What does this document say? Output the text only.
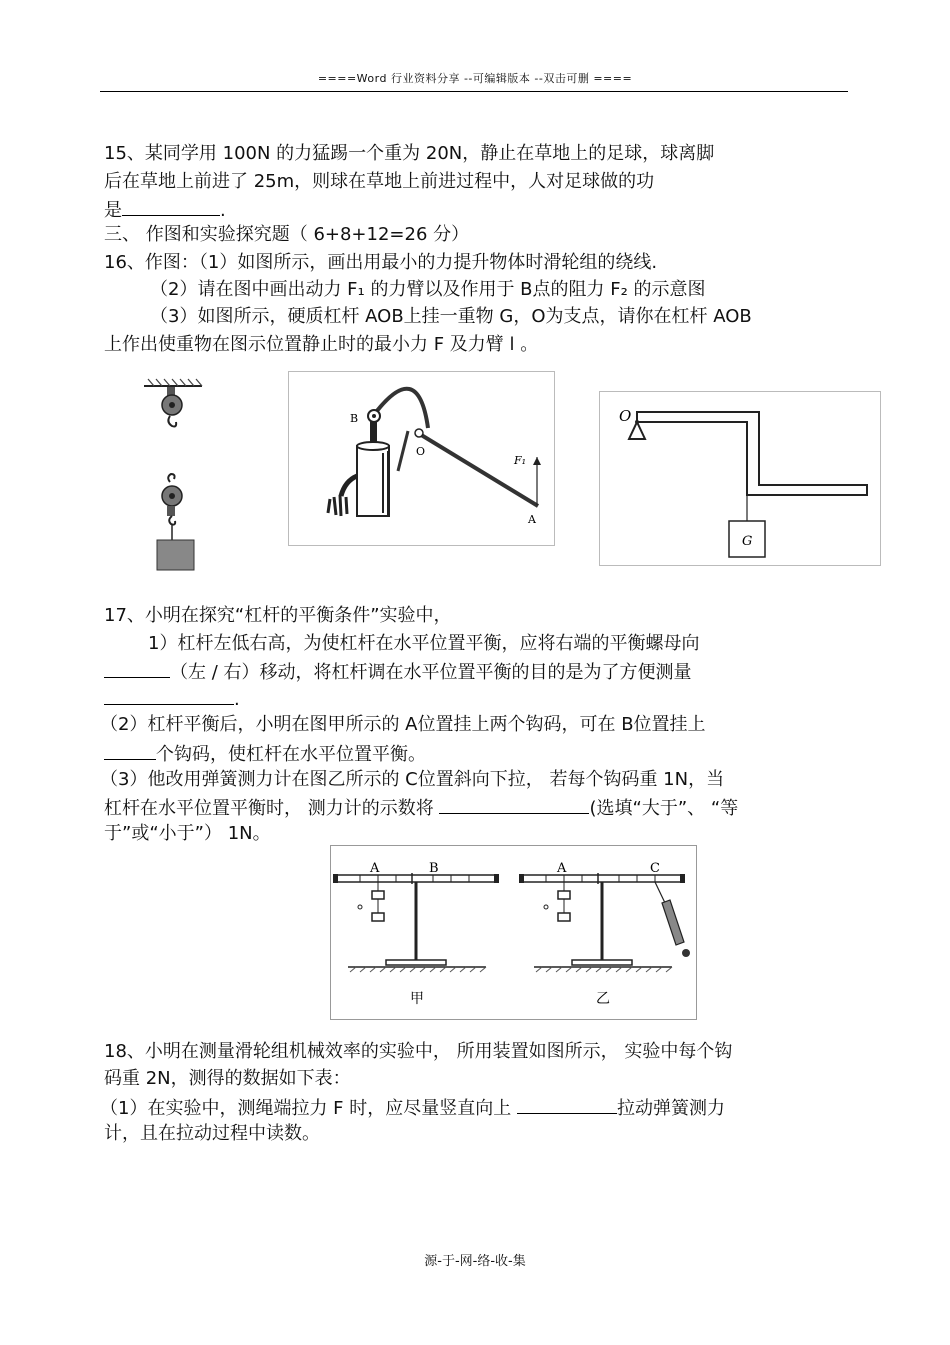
====Word 行业资料分享 --可编辑版本 --双击可删 ====
15、某同学用 100N 的力猛踢一个重为 20N，静止在草地上的足球，球离脚
后在草地上前进了 25m，则球在草地上前进过程中，人对足球做的功
是	.
三、 作图和实验探究题（ 6+8+12=26 分）
16、作图：（1）如图所示，画出用最小的力提升物体时滑轮组的绕线.
（2）请在图中画出动力 F₁ 的力臂以及作用于 B点的阻力 F₂ 的示意图
（3）如图所示，硬质杠杆 AOB上挂一重物 G，O为支点，请你在杠杆 AOB
上作出使重物在图示位置静止时的最小力 F 及力臂 l 。
B
O
F₁
A
O
G
17、小明在探究“杠杆的平衡条件”实验中，
1）杠杆左低右高，为使杠杆在水平位置平衡，应将右端的平衡螺母向
（左 / 右）移动，将杠杆调在水平位置平衡的目的是为了方便测量
.
（2）杠杆平衡后，小明在图甲所示的 A位置挂上两个钩码，可在 B位置挂上
个钩码，使杠杆在水平位置平衡。
（3）他改用弹簧测力计在图乙所示的 C位置斜向下拉， 若每个钩码重 1N，当
杠杆在水平位置平衡时， 测力计的示数将	(选填“大于”、 “等
于”或“小于”） 1N。
A	B
甲
A	C
乙
18、小明在测量滑轮组机械效率的实验中， 所用装置如图所示， 实验中每个钩
码重 2N，测得的数据如下表：
（1）在实验中，测绳端拉力 F 时，应尽量竖直向上	拉动弹簧测力
计，且在拉动过程中读数。
源-于-网-络-收-集
